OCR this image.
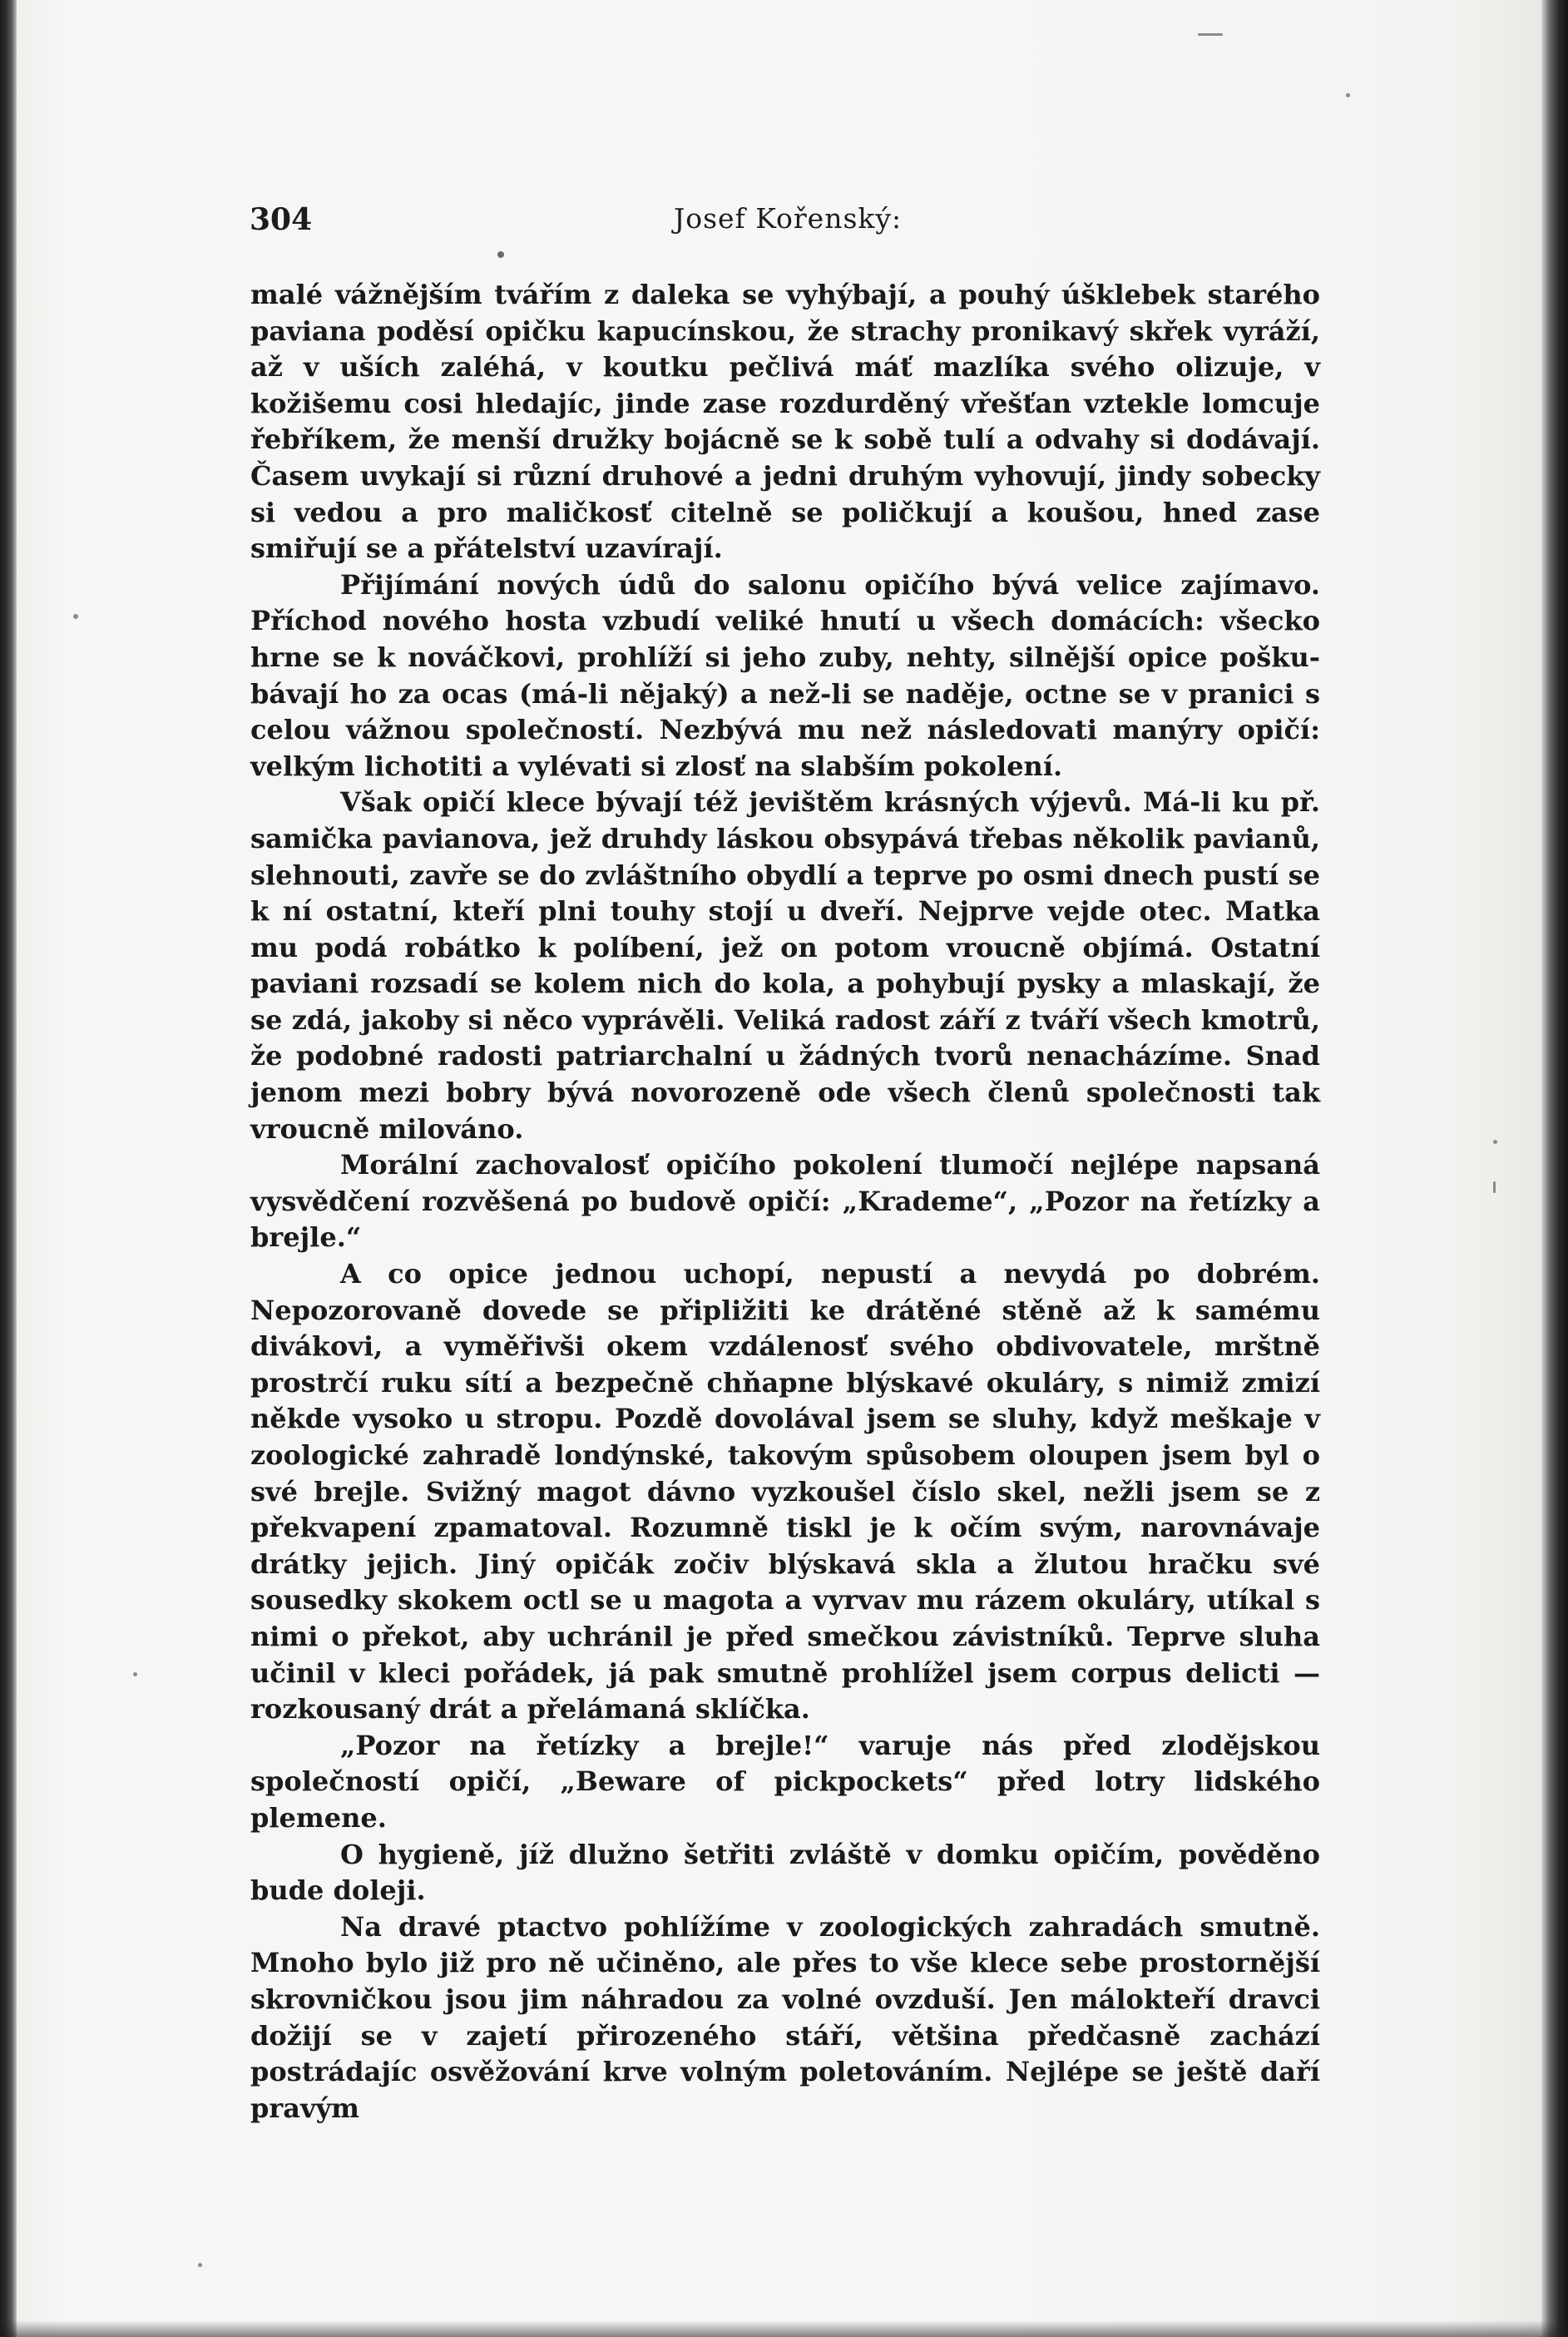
304	Josef Kořenský:

malé vážnějším tvářím z daleka se vyhýbají, a pouhý úšklebek starého paviana poděsí opičku kapucínskou, že strachy pronikavý skřek vyráží, až v uších zaléhá, v koutku pečlivá máť mazlíka svého olizuje, v kožišemu cosi hledajíc, jinde zase rozdurděný vřešťan vztekle lomcuje řebříkem, že menší družky bojácně se k sobě tulí a odvahy si dodávají. Časem uvykají si různí druhové a jedni druhým vyhovují, jindy sobecky si vedou a pro maličkosť citelně se poličkují a koušou, hned zase smiřují se a přátelství uzavírají.

Přijímání nových údů do salonu opičího bývá velice zajímavo. Příchod nového hosta vzbudí veliké hnutí u všech domácích: všecko hrne se k nováčkovi, prohlíží si jeho zuby, nehty, silnější opice poškubávají ho za ocas (má-li nějaký) a než-li se naděje, octne se v pranici s celou vážnou společností. Nezbývá mu než následovati manýry opičí: velkým lichotiti a vylévati si zlosť na slabším pokolení.

Však opičí klece bývají též jevištěm krásných výjevů. Má-li ku př. samička pavianova, jež druhdy láskou obsypává třebas několik pavianů, slehnouti, zavře se do zvláštního obydlí a teprve po osmi dnech pustí se k ní ostatní, kteří plni touhy stojí u dveří. Nejprve vejde otec. Matka mu podá robátko k políbení, jež on potom vroucně objímá. Ostatní paviani rozsadí se kolem nich do kola, a pohybují pysky a mlaskají, že se zdá, jakoby si něco vyprávěli. Veliká radost září z tváří všech kmotrů, že podobné radosti patriarchalní u žádných tvorů nenacházíme. Snad jenom mezi bobry bývá novorozeně ode všech členů společnosti tak vroucně milováno.

Morální zachovalosť opičího pokolení tlumočí nejlépe napsaná vysvědčení rozvěšená po budově opičí: „Krademe“, „Pozor na řetízky a brejle.“

A co opice jednou uchopí, nepustí a nevydá po dobrém. Nepozorovaně dovede se připližiti ke drátěné stěně až k samému divákovi, a vyměřivši okem vzdálenosť svého obdivovatele, mrštně prostrčí ruku sítí a bezpečně chňapne blýskavé okuláry, s nimiž zmizí někde vysoko u stropu. Pozdě dovolával jsem se sluhy, když meškaje v zoologické zahradě londýnské, takovým spůsobem oloupen jsem byl o své brejle. Svižný magot dávno vyzkoušel číslo skel, nežli jsem se z překvapení zpamatoval. Rozumně tiskl je k očím svým, narovnávaje drátky jejich. Jiný opičák zočiv blýskavá skla a žlutou hračku své sousedky skokem octl se u magota a vyrvav mu rázem okuláry, utíkal s nimi o překot, aby uchránil je před smečkou závistníků. Teprve sluha učinil v kleci pořádek, já pak smutně prohlížel jsem corpus delicti — rozkousaný drát a přelámaná sklíčka.

„Pozor na řetízky a brejle!“ varuje nás před zlodějskou společností opičí, „Beware of pickpockets“ před lotry lidského plemene.

O hygieně, jíž dlužno šetřiti zvláště v domku opičím, pověděno bude doleji.

Na dravé ptactvo pohlížíme v zoologických zahradách smutně. Mnoho bylo již pro ně učiněno, ale přes to vše klece sebe prostornější skrovničkou jsou jim náhradou za volné ovzduší. Jen málokteří dravci dožijí se v zajetí přirozeného stáří, většina předčasně zachází postrádajíc osvěžování krve volným poletováním. Nejlépe se ještě daří pravým
